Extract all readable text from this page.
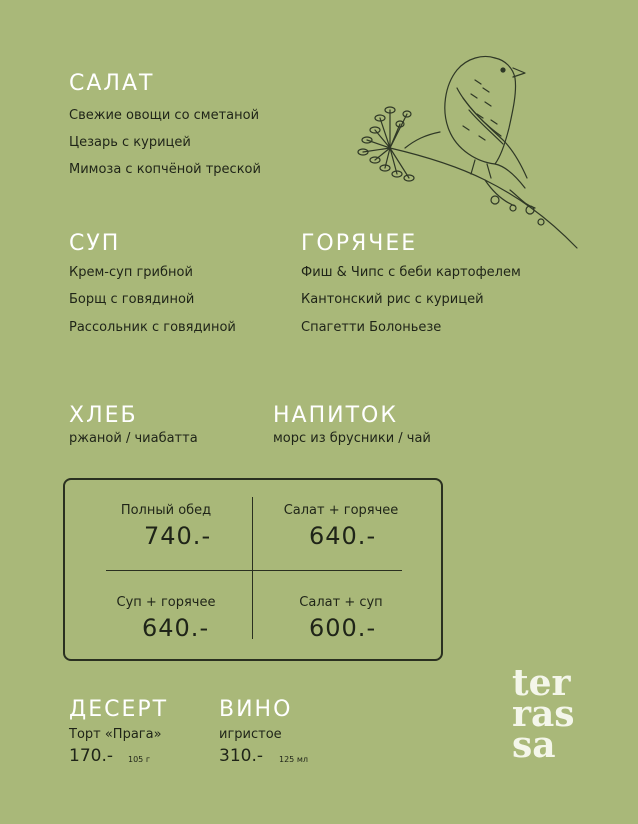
САЛАТ
Свежие овощи со сметаной
Цезарь с курицей
Мимоза с копчёной треской
СУП
Крем-суп грибной
Борщ с говядиной
Рассольник с говядиной
ГОРЯЧЕЕ
Фиш & Чипс с беби картофелем
Кантонский рис с курицей
Спагетти Болоньезе
ХЛЕБ
ржаной / чиабатта
НАПИТОК
морс из брусники / чай
Полный обед
740.-
Салат + горячее
640.-
Суп + горячее
640.-
Салат + суп
600.-
ДЕСЕРТ
Торт «Прага»
170.- 105 г
ВИНО
игристое
310.- 125 мл
ter
ras
sa
